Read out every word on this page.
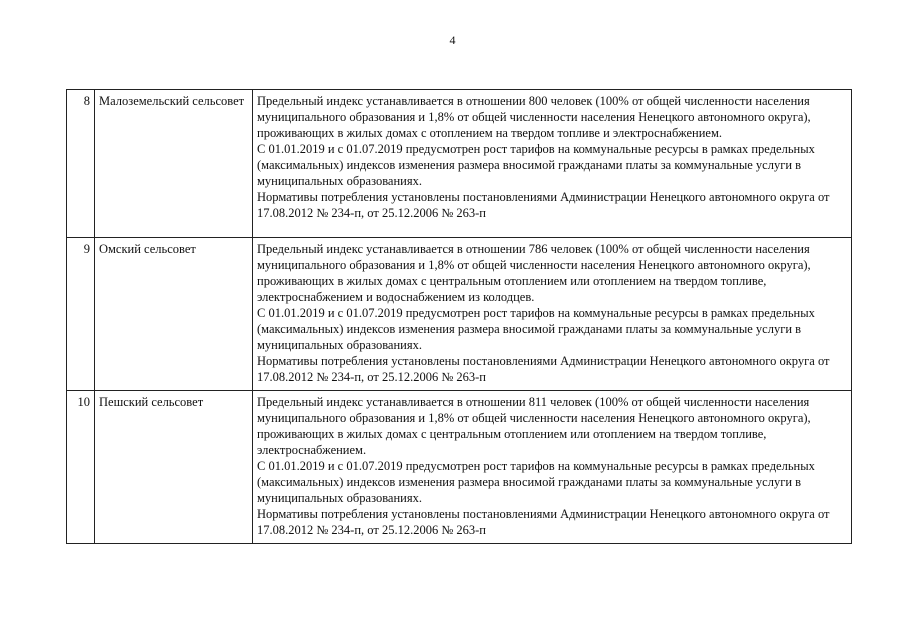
4
8	Малоземельский сельсовет	Предельный индекс устанавливается в отношении 800 человек (100% от общей численности населения муниципального образования и 1,8% от общей численности населения Ненецкого автономного округа), проживающих в жилых домах с отоплением на твердом топливе и электроснабжением.

С 01.01.2019 и с 01.07.2019 предусмотрен рост тарифов на коммунальные ресурсы в рамках предельных (максимальных) индексов изменения размера вносимой гражданами платы за коммунальные услуги в муниципальных образованиях.

Нормативы потребления установлены постановлениями Администрации Ненецкого автономного округа от 17.08.2012 № 234-п, от 25.12.2006 № 263-п

9	Омский сельсовет	Предельный индекс устанавливается в отношении 786 человек (100% от общей численности населения муниципального образования и 1,8% от общей численности населения Ненецкого автономного округа), проживающих в жилых домах с центральным отоплением или отоплением на твердом топливе, электроснабжением и водоснабжением из колодцев.

С 01.01.2019 и с 01.07.2019 предусмотрен рост тарифов на коммунальные ресурсы в рамках предельных (максимальных) индексов изменения размера вносимой гражданами платы за коммунальные услуги в муниципальных образованиях.

Нормативы потребления установлены постановлениями Администрации Ненецкого автономного округа от 17.08.2012 № 234-п, от 25.12.2006 № 263-п

10	Пешский сельсовет	Предельный индекс устанавливается в отношении 811 человек (100% от общей численности населения муниципального образования и 1,8% от общей численности населения Ненецкого автономного округа), проживающих в жилых домах с центральным отоплением или отоплением на твердом топливе, электроснабжением.

С 01.01.2019 и с 01.07.2019 предусмотрен рост тарифов на коммунальные ресурсы в рамках предельных (максимальных) индексов изменения размера вносимой гражданами платы за коммунальные услуги в муниципальных образованиях.

Нормативы потребления установлены постановлениями Администрации Ненецкого автономного округа от 17.08.2012 № 234-п, от 25.12.2006 № 263-п
